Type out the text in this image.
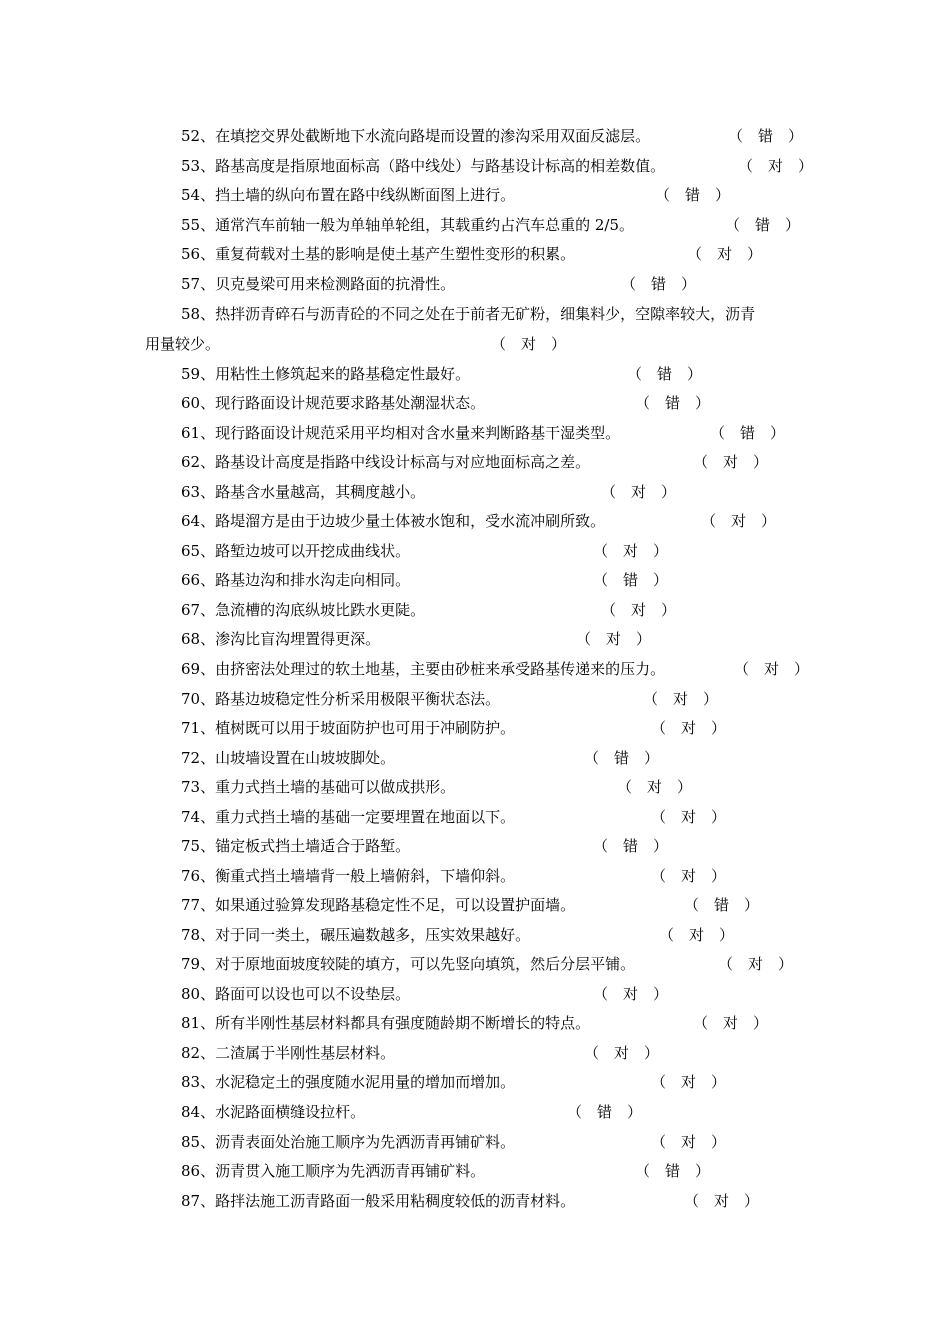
52、在填挖交界处截断地下水流向路堤而设置的渗沟采用双面反滤层。	（　错　）
53、路基高度是指原地面标高（路中线处）与路基设计标高的相差数值。	（　对　）
54、挡土墙的纵向布置在路中线纵断面图上进行。	（　错　）
55、通常汽车前轴一般为单轴单轮组，其载重约占汽车总重的 2/5。	（　错　）
56、重复荷载对土基的影响是使土基产生塑性变形的积累。	（　对　）
57、贝克曼梁可用来检测路面的抗滑性。	（　错　）
58、热拌沥青碎石与沥青砼的不同之处在于前者无矿粉，细集料少，空隙率较大，沥青
用量较少。	（　对　）
59、用粘性土修筑起来的路基稳定性最好。	（　错　）
60、现行路面设计规范要求路基处潮湿状态。	（　错　）
61、现行路面设计规范采用平均相对含水量来判断路基干湿类型。	（　错　）
62、路基设计高度是指路中线设计标高与对应地面标高之差。	（　对　）
63、路基含水量越高，其稠度越小。	（　对　）
64、路堤溜方是由于边坡少量土体被水饱和，受水流冲刷所致。	（　对　）
65、路堑边坡可以开挖成曲线状。	（　对　）
66、路基边沟和排水沟走向相同。	（　错　）
67、急流槽的沟底纵坡比跌水更陡。	（　对　）
68、渗沟比盲沟埋置得更深。	（　对　）
69、由挤密法处理过的软土地基，主要由砂桩来承受路基传递来的压力。	（　对　）
70、路基边坡稳定性分析采用极限平衡状态法。	（　对　）
71、植树既可以用于坡面防护也可用于冲刷防护。	（　对　）
72、山坡墙设置在山坡坡脚处。	（　错　）
73、重力式挡土墙的基础可以做成拱形。	（　对　）
74、重力式挡土墙的基础一定要埋置在地面以下。	（　对　）
75、锚定板式挡土墙适合于路堑。	（　错　）
76、衡重式挡土墙墙背一般上墙俯斜，下墙仰斜。	（　对　）
77、如果通过验算发现路基稳定性不足，可以设置护面墙。	（　错　）
78、对于同一类土，碾压遍数越多，压实效果越好。	（　对　）
79、对于原地面坡度较陡的填方，可以先竖向填筑，然后分层平铺。	（　对　）
80、路面可以设也可以不设垫层。	（　对　）
81、所有半刚性基层材料都具有强度随龄期不断增长的特点。	（　对　）
82、二渣属于半刚性基层材料。	（　对　）
83、水泥稳定土的强度随水泥用量的增加而增加。	（　对　）
84、水泥路面横缝设拉杆。	（　错　）
85、沥青表面处治施工顺序为先洒沥青再铺矿料。	（　对　）
86、沥青贯入施工顺序为先洒沥青再铺矿料。	（　错　）
87、路拌法施工沥青路面一般采用粘稠度较低的沥青材料。	（　对　）
